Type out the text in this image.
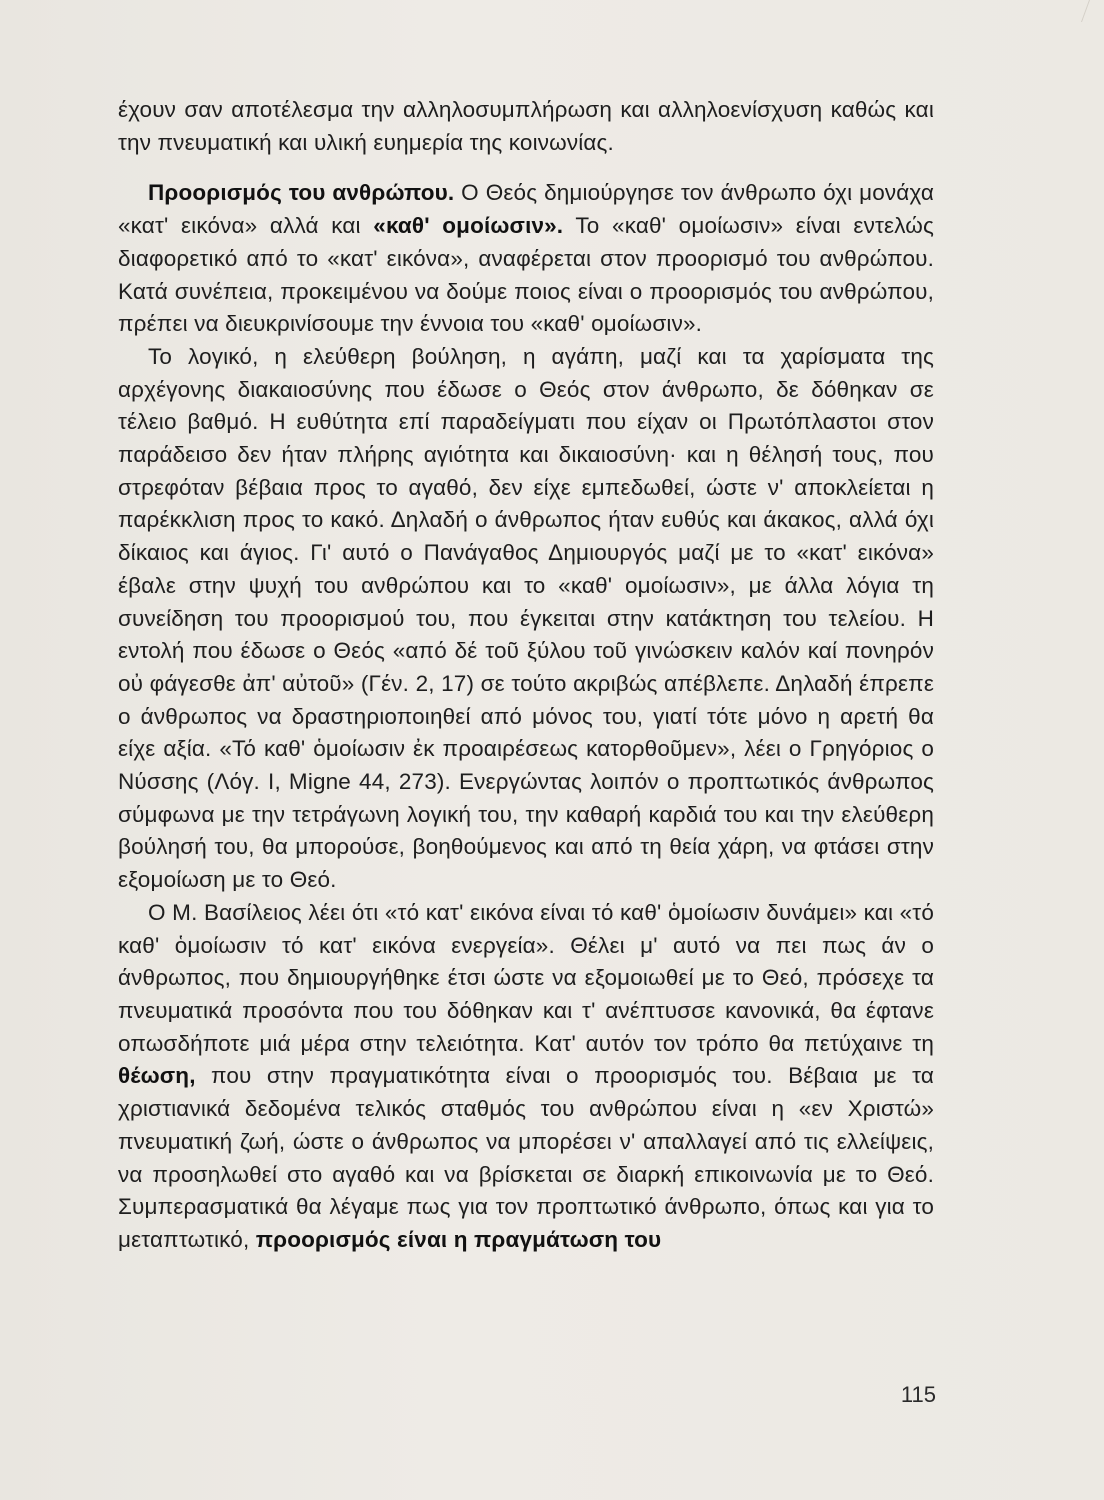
έχουν σαν αποτέλεσμα την αλληλοσυμπλήρωση και αλληλοενίσχυση καθώς και την πνευματική και υλική ευημερία της κοινωνίας.

Προορισμός του ανθρώπου. Ο Θεός δημιούργησε τον άνθρωπο όχι μονάχα «κατ' εικόνα» αλλά και «καθ' ομοίωσιν». Το «καθ' ομοίωσιν» είναι εντελώς διαφορετικό από το «κατ' εικόνα», αναφέρεται στον προορισμό του ανθρώπου. Κατά συνέπεια, προκειμένου να δούμε ποιος είναι ο προορισμός του ανθρώπου, πρέπει να διευκρινίσουμε την έννοια του «καθ' ομοίωσιν».

Το λογικό, η ελεύθερη βούληση, η αγάπη, μαζί και τα χαρίσματα της αρχέγονης διακαιοσύνης που έδωσε ο Θεός στον άνθρωπο, δε δόθηκαν σε τέλειο βαθμό. Η ευθύτητα επί παραδείγματι που είχαν οι Πρωτόπλαστοι στον παράδεισο δεν ήταν πλήρης αγιότητα και δικαιοσύνη· και η θέλησή τους, που στρεφόταν βέβαια προς το αγαθό, δεν είχε εμπεδωθεί, ώστε ν' αποκλείεται η παρέκκλιση προς το κακό. Δηλαδή ο άνθρωπος ήταν ευθύς και άκακος, αλλά όχι δίκαιος και άγιος. Γι' αυτό ο Πανάγαθος Δημιουργός μαζί με το «κατ' εικόνα» έβαλε στην ψυχή του ανθρώπου και το «καθ' ομοίωσιν», με άλλα λόγια τη συνείδηση του προορισμού του, που έγκειται στην κατάκτηση του τελείου. Η εντολή που έδωσε ο Θεός «από δέ τοῦ ξύλου τοῦ γινώσκειν καλόν καί πονηρόν οὐ φάγεσθε ἀπ' αὐτοῦ» (Γέν. 2, 17) σε τούτο ακριβώς απέβλεπε. Δηλαδή έπρεπε ο άνθρωπος να δραστηριοποιηθεί από μόνος του, γιατί τότε μόνο η αρετή θα είχε αξία. «Τό καθ' ὁμοίωσιν ἐκ προαιρέσεως κατορθοῦμεν», λέει ο Γρηγόριος ο Νύσσης (Λόγ. Ι, Migne 44, 273). Ενεργώντας λοιπόν ο προπτωτικός άνθρωπος σύμφωνα με την τετράγωνη λογική του, την καθαρή καρδιά του και την ελεύθερη βούλησή του, θα μπορούσε, βοηθούμενος και από τη θεία χάρη, να φτάσει στην εξομοίωση με το Θεό.

Ο Μ. Βασίλειος λέει ότι «τό κατ' εικόνα είναι τό καθ' ὁμοίωσιν δυνάμει» και «τό καθ' ὁμοίωσιν τό κατ' εικόνα ενεργεία». Θέλει μ' αυτό να πει πως άν ο άνθρωπος, που δημιουργήθηκε έτσι ώστε να εξομοιωθεί με το Θεό, πρόσεχε τα πνευματικά προσόντα που του δόθηκαν και τ' ανέπτυσσε κανονικά, θα έφτανε οπωσδήποτε μιά μέρα στην τελειότητα. Κατ' αυτόν τον τρόπο θα πετύχαινε τη θέωση, που στην πραγματικότητα είναι ο προορισμός του. Βέβαια με τα χριστιανικά δεδομένα τελικός σταθμός του ανθρώπου είναι η «εν Χριστώ» πνευματική ζωή, ώστε ο άνθρωπος να μπορέσει ν' απαλλαγεί από τις ελλείψεις, να προσηλωθεί στο αγαθό και να βρίσκεται σε διαρκή επικοινωνία με το Θεό. Συμπερασματικά θα λέγαμε πως για τον προπτωτικό άνθρωπο, όπως και για το μεταπτωτικό, προορισμός είναι η πραγμάτωση του

115
